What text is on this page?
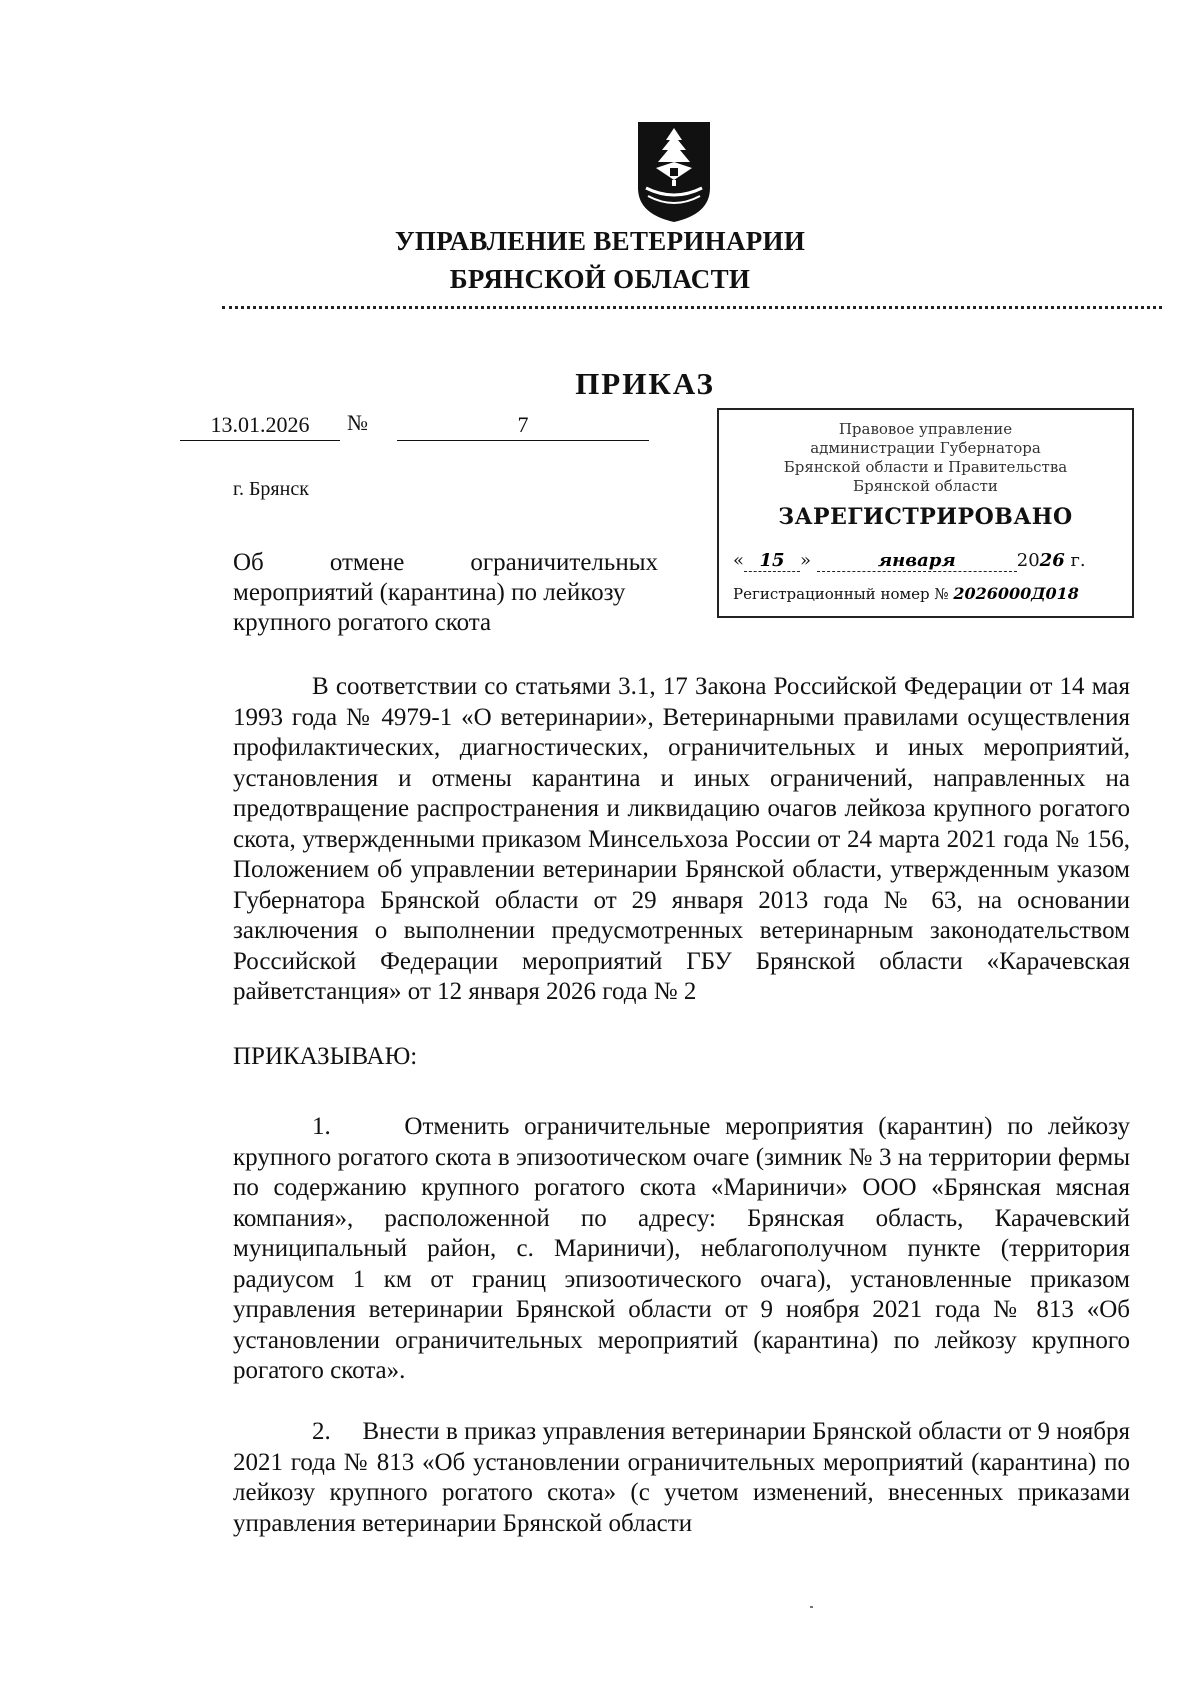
УПРАВЛЕНИЕ ВЕТЕРИНАРИИ
БРЯНСКОЙ ОБЛАСТИ
ПРИКАЗ
13.01.2026	№	7
г. Брянск
Об отмене ограничительных
мероприятий (карантина) по лейкозу
крупного рогатого скота
Правовое управление
администрации Губернатора
Брянской области и Правительства
Брянской области
ЗАРЕГИСТРИРОВАНО
« 15 »	января	2026 г.
Регистрационный номер № 2026000Д018

В соответствии со статьями 3.1, 17 Закона Российской Федерации от 14 мая 1993 года № 4979-1 «О ветеринарии», Ветеринарными правилами осуществления профилактических, диагностических, ограничительных и иных мероприятий, установления и отмены карантина и иных ограничений, направленных на предотвращение распространения и ликвидацию очагов лейкоза крупного рогатого скота, утвержденными приказом Минсельхоза России от 24 марта 2021 года № 156, Положением об управлении ветеринарии Брянской области, утвержденным указом Губернатора Брянской области от 29 января 2013 года № 63, на основании заключения о выполнении предусмотренных ветеринарным законодательством Российской Федерации мероприятий ГБУ Брянской области «Карачевская райветстанция» от 12 января 2026 года № 2

ПРИКАЗЫВАЮ:

1.	Отменить ограничительные мероприятия (карантин) по лейкозу крупного рогатого скота в эпизоотическом очаге (зимник № 3 на территории фермы по содержанию крупного рогатого скота «Мариничи» ООО «Брянская мясная компания», расположенной по адресу: Брянская область, Карачевский муниципальный район, с. Мариничи), неблагополучном пункте (территория радиусом 1 км от границ эпизоотического очага), установленные приказом управления ветеринарии Брянской области от 9 ноября 2021 года № 813 «Об установлении ограничительных мероприятий (карантина) по лейкозу крупного рогатого скота».

2. Внести в приказ управления ветеринарии Брянской области от 9 ноября 2021 года № 813 «Об установлении ограничительных мероприятий (карантина) по лейкозу крупного рогатого скота» (с учетом изменений, внесенных приказами управления ветеринарии Брянской области
